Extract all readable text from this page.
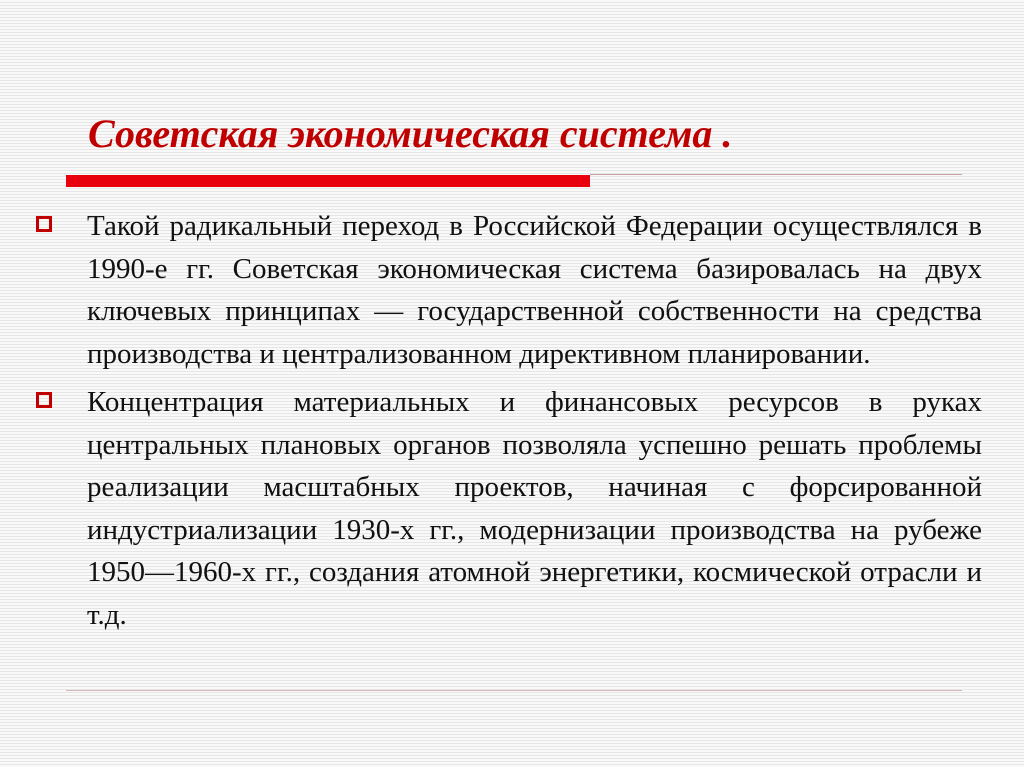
Советская экономическая система .

Такой радикальный переход в Российской Федерации осуществлялся в 1990-е гг. Советская экономическая система базировалась на двух ключевых принципах — государственной собственности на средства производства и централизованном директивном планировании.

Концентрация материальных и финансовых ресурсов в руках центральных плановых органов позволяла успешно решать проблемы реализации масштабных проектов, начиная с форсированной индустриализации 1930-х гг., модернизации производства на рубеже 1950—1960-х гг., создания атомной энергетики, космической отрасли и т.д.
